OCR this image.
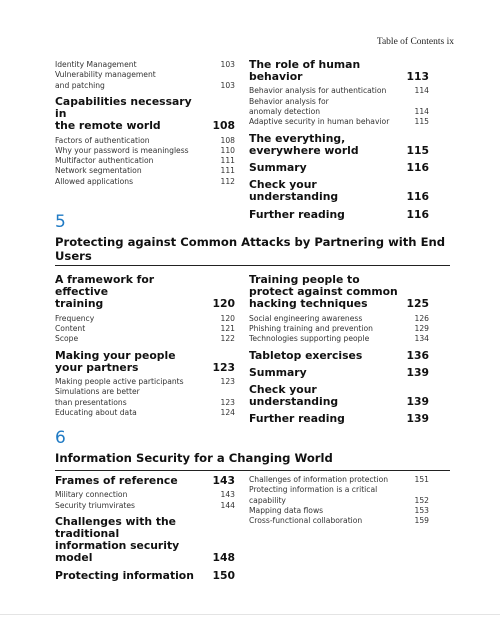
Table of Contents ix
Identity Management	103
Vulnerability management
and patching	103
Capabilities necessary in
the remote world	108
Factors of authentication	108
Why your password is meaningless	110
Multifactor authentication	111
Network segmentation	111
Allowed applications	112
The role of human behavior	113
Behavior analysis for authentication	114
Behavior analysis for
anomaly detection	114
Adaptive security in human behavior	115
The everything,
everywhere world	115
Summary	116
Check your understanding	116
Further reading	116
5
Protecting against Common Attacks by Partnering with End Users
A framework for effective
training	120
Frequency	120
Content	121
Scope	122
Making your people
your partners	123
Making people active participants	123
Simulations are better
than presentations	123
Educating about data	124
Training people to
protect against common
hacking techniques	125
Social engineering awareness	126
Phishing training and prevention	129
Technologies supporting people	134
Tabletop exercises	136
Summary	139
Check your understanding	139
Further reading	139
6
Information Security for a Changing World
Frames of reference	143
Military connection	143
Security triumvirates	144
Challenges with the traditional
information security model	148
Protecting information	150
Challenges of information protection	151
Protecting information is a critical
capability	152
Mapping data flows	153
Cross-functional collaboration	159
